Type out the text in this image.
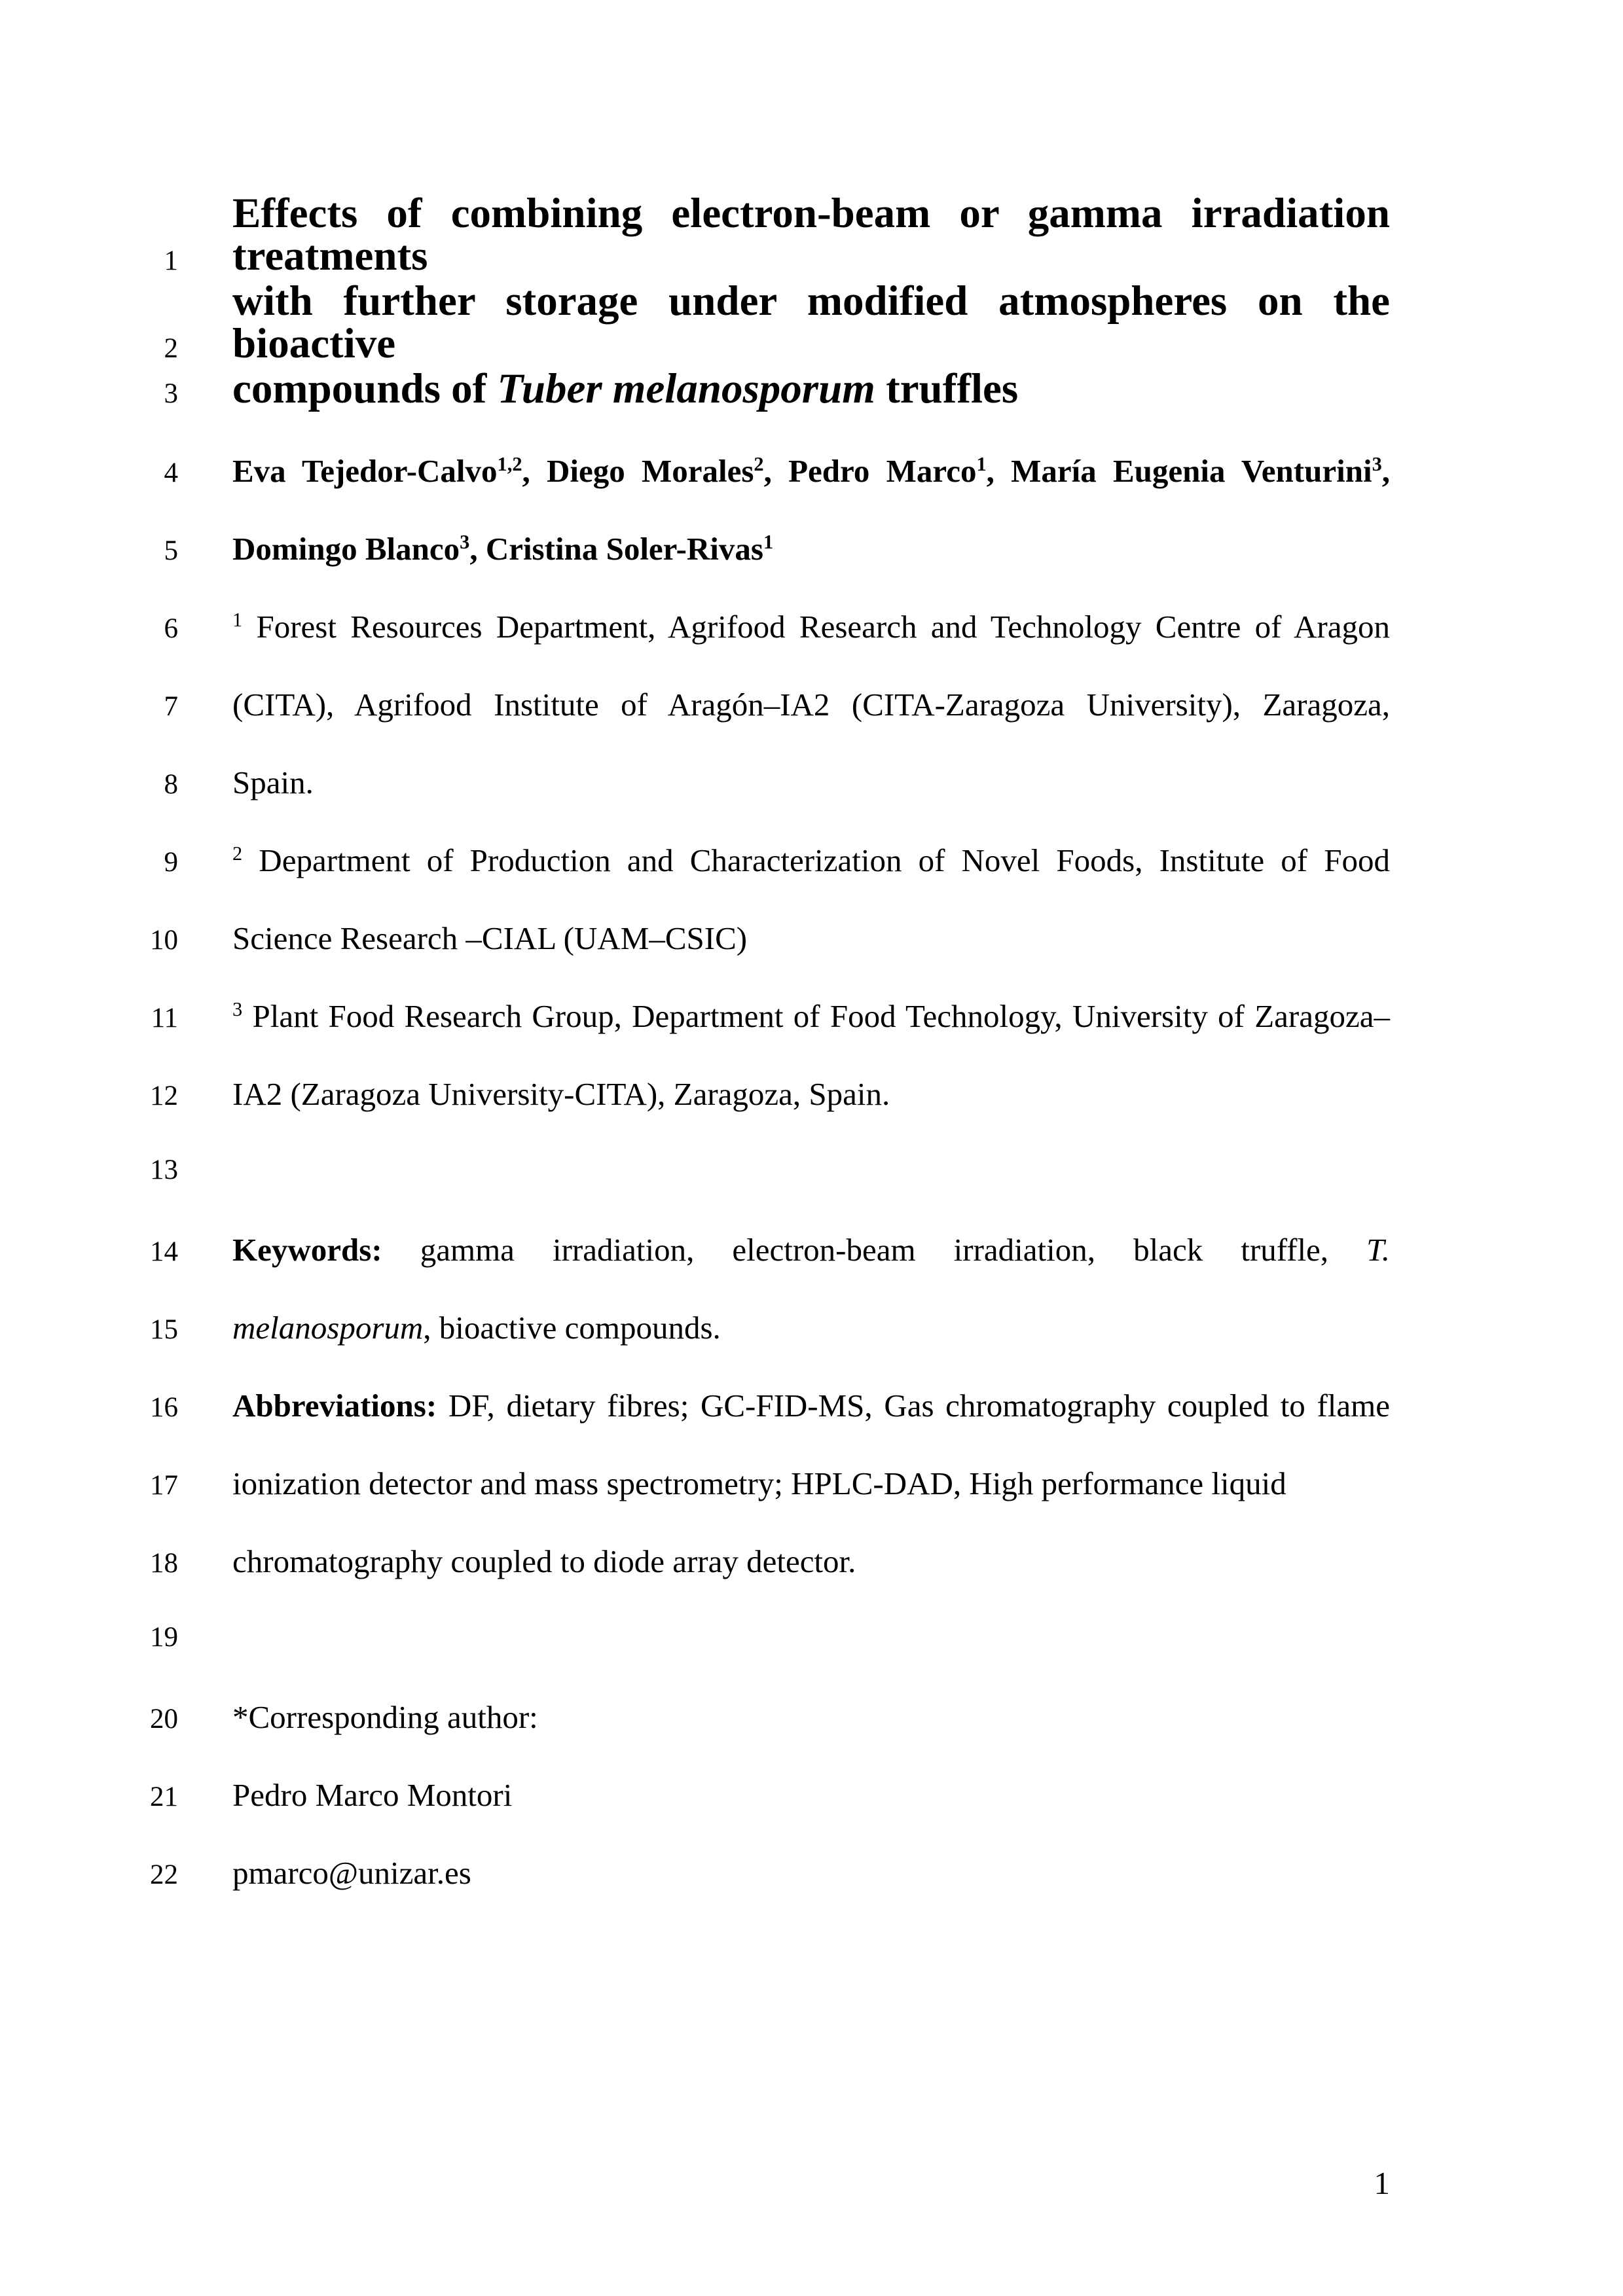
1Effects of combining electron-beam or gamma irradiation treatments
2with further storage under modified atmospheres on the bioactive
3 compounds of Tuber melanosporum truffles
4 Eva Tejedor-Calvo$^{1,2}$, Diego Morales$^2$, Pedro Marco$^1$, María Eugenia Venturini$^3$,
5 Domingo Blanco$^3$, Cristina Soler-Rivas$^1$
6	$^1$ Forest Resources Department, Agrifood Research and Technology Centre of Aragon
7 (CITA), Agrifood Institute of Aragón–IA2 (CITA-Zaragoza University), Zaragoza,
8 Spain.
9	$^2$ Department of Production and Characterization of Novel Foods, Institute of Food
10 Science Research –CIAL (UAM–CSIC)
11	$^3$ Plant Food Research Group, Department of Food Technology, University of Zaragoza–
12 IA2 (Zaragoza University-CITA), Zaragoza, Spain.
13
14 Keywords: gamma irradiation, electron-beam irradiation, black truffle, T.
15 melanosporum, bioactive compounds.
16 Abbreviations: DF, dietary fibres; GC-FID-MS, Gas chromatography coupled to flame
17 ionization detector and mass spectrometry; HPLC-DAD, High performance liquid
18 chromatography coupled to diode array detector.
19
20 *Corresponding author:
21 Pedro Marco Montori
22 pmarco@unizar.es
1
